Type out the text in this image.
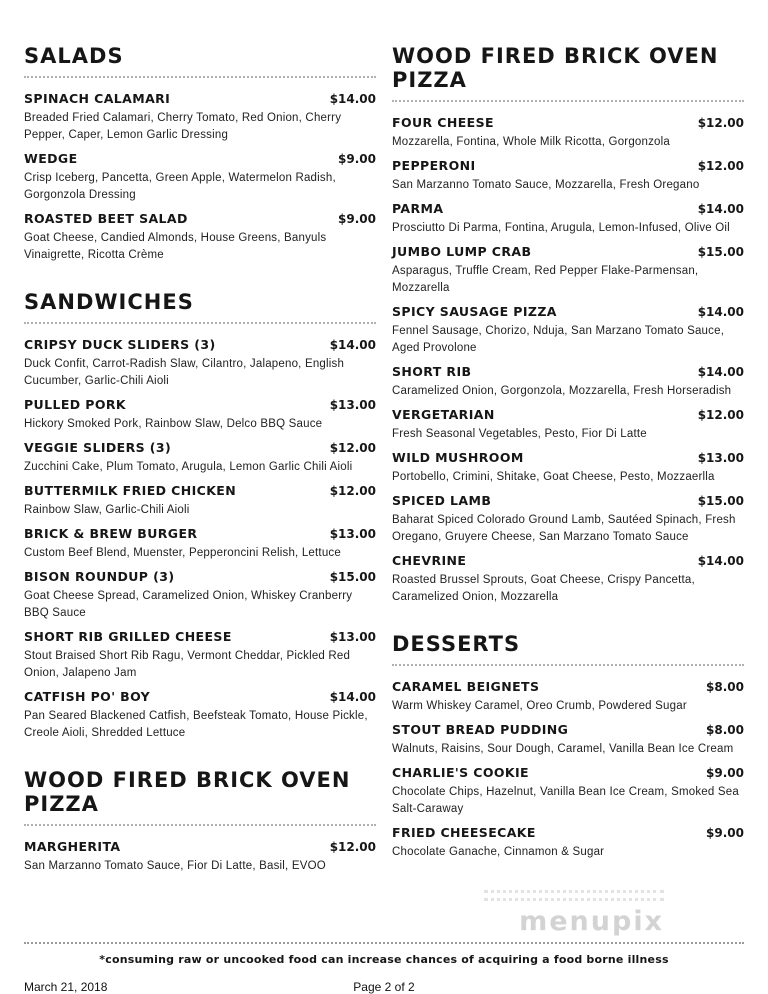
SALADS
SPINACH CALAMARI	$14.00
Breaded Fried Calamari, Cherry Tomato, Red Onion, Cherry Pepper, Caper, Lemon Garlic Dressing
WEDGE	$9.00
Crisp Iceberg, Pancetta, Green Apple, Watermelon Radish, Gorgonzola Dressing
ROASTED BEET SALAD	$9.00
Goat Cheese, Candied Almonds, House Greens, Banyuls Vinaigrette, Ricotta Crème
SANDWICHES
CRIPSY DUCK SLIDERS (3)	$14.00
Duck Confit, Carrot-Radish Slaw, Cilantro, Jalapeno, English Cucumber, Garlic-Chili Aioli
PULLED PORK	$13.00
Hickory Smoked Pork, Rainbow Slaw, Delco BBQ Sauce
VEGGIE SLIDERS (3)	$12.00
Zucchini Cake, Plum Tomato, Arugula, Lemon Garlic Chili Aioli
BUTTERMILK FRIED CHICKEN	$12.00
Rainbow Slaw, Garlic-Chili Aioli
BRICK & BREW BURGER	$13.00
Custom Beef Blend, Muenster, Pepperoncini Relish, Lettuce
BISON ROUNDUP (3)	$15.00
Goat Cheese Spread, Caramelized Onion, Whiskey Cranberry BBQ Sauce
SHORT RIB GRILLED CHEESE	$13.00
Stout Braised Short Rib Ragu, Vermont Cheddar, Pickled Red Onion, Jalapeno Jam
CATFISH PO' BOY	$14.00
Pan Seared Blackened Catfish, Beefsteak Tomato, House Pickle, Creole Aioli, Shredded Lettuce
WOOD FIRED BRICK OVEN PIZZA
MARGHERITA	$12.00
San Marzanno Tomato Sauce, Fior Di Latte, Basil, EVOO
WOOD FIRED BRICK OVEN PIZZA
FOUR CHEESE	$12.00
Mozzarella, Fontina, Whole Milk Ricotta, Gorgonzola
PEPPERONI	$12.00
San Marzanno Tomato Sauce, Mozzarella, Fresh Oregano
PARMA	$14.00
Prosciutto Di Parma, Fontina, Arugula, Lemon-Infused, Olive Oil
JUMBO LUMP CRAB	$15.00
Asparagus, Truffle Cream, Red Pepper Flake-Parmensan, Mozzarella
SPICY SAUSAGE PIZZA	$14.00
Fennel Sausage, Chorizo, Nduja, San Marzano Tomato Sauce, Aged Provolone
SHORT RIB	$14.00
Caramelized Onion, Gorgonzola, Mozzarella, Fresh Horseradish
VERGETARIAN	$12.00
Fresh Seasonal Vegetables, Pesto, Fior Di Latte
WILD MUSHROOM	$13.00
Portobello, Crimini, Shitake, Goat Cheese, Pesto, Mozzaerlla
SPICED LAMB	$15.00
Baharat Spiced Colorado Ground Lamb, Sautéed Spinach, Fresh Oregano, Gruyere Cheese, San Marzano Tomato Sauce
CHEVRINE	$14.00
Roasted Brussel Sprouts, Goat Cheese, Crispy Pancetta, Caramelized Onion, Mozzarella
DESSERTS
CARAMEL BEIGNETS	$8.00
Warm Whiskey Caramel, Oreo Crumb, Powdered Sugar
STOUT BREAD PUDDING	$8.00
Walnuts, Raisins, Sour Dough, Caramel, Vanilla Bean Ice Cream
CHARLIE'S COOKIE	$9.00
Chocolate Chips, Hazelnut, Vanilla Bean Ice Cream, Smoked Sea Salt-Caraway
FRIED CHEESECAKE	$9.00
Chocolate Ganache, Cinnamon & Sugar
menupix
*consuming raw or uncooked food can increase chances of acquiring a food borne illness
March 21, 2018	Page 2 of 2
